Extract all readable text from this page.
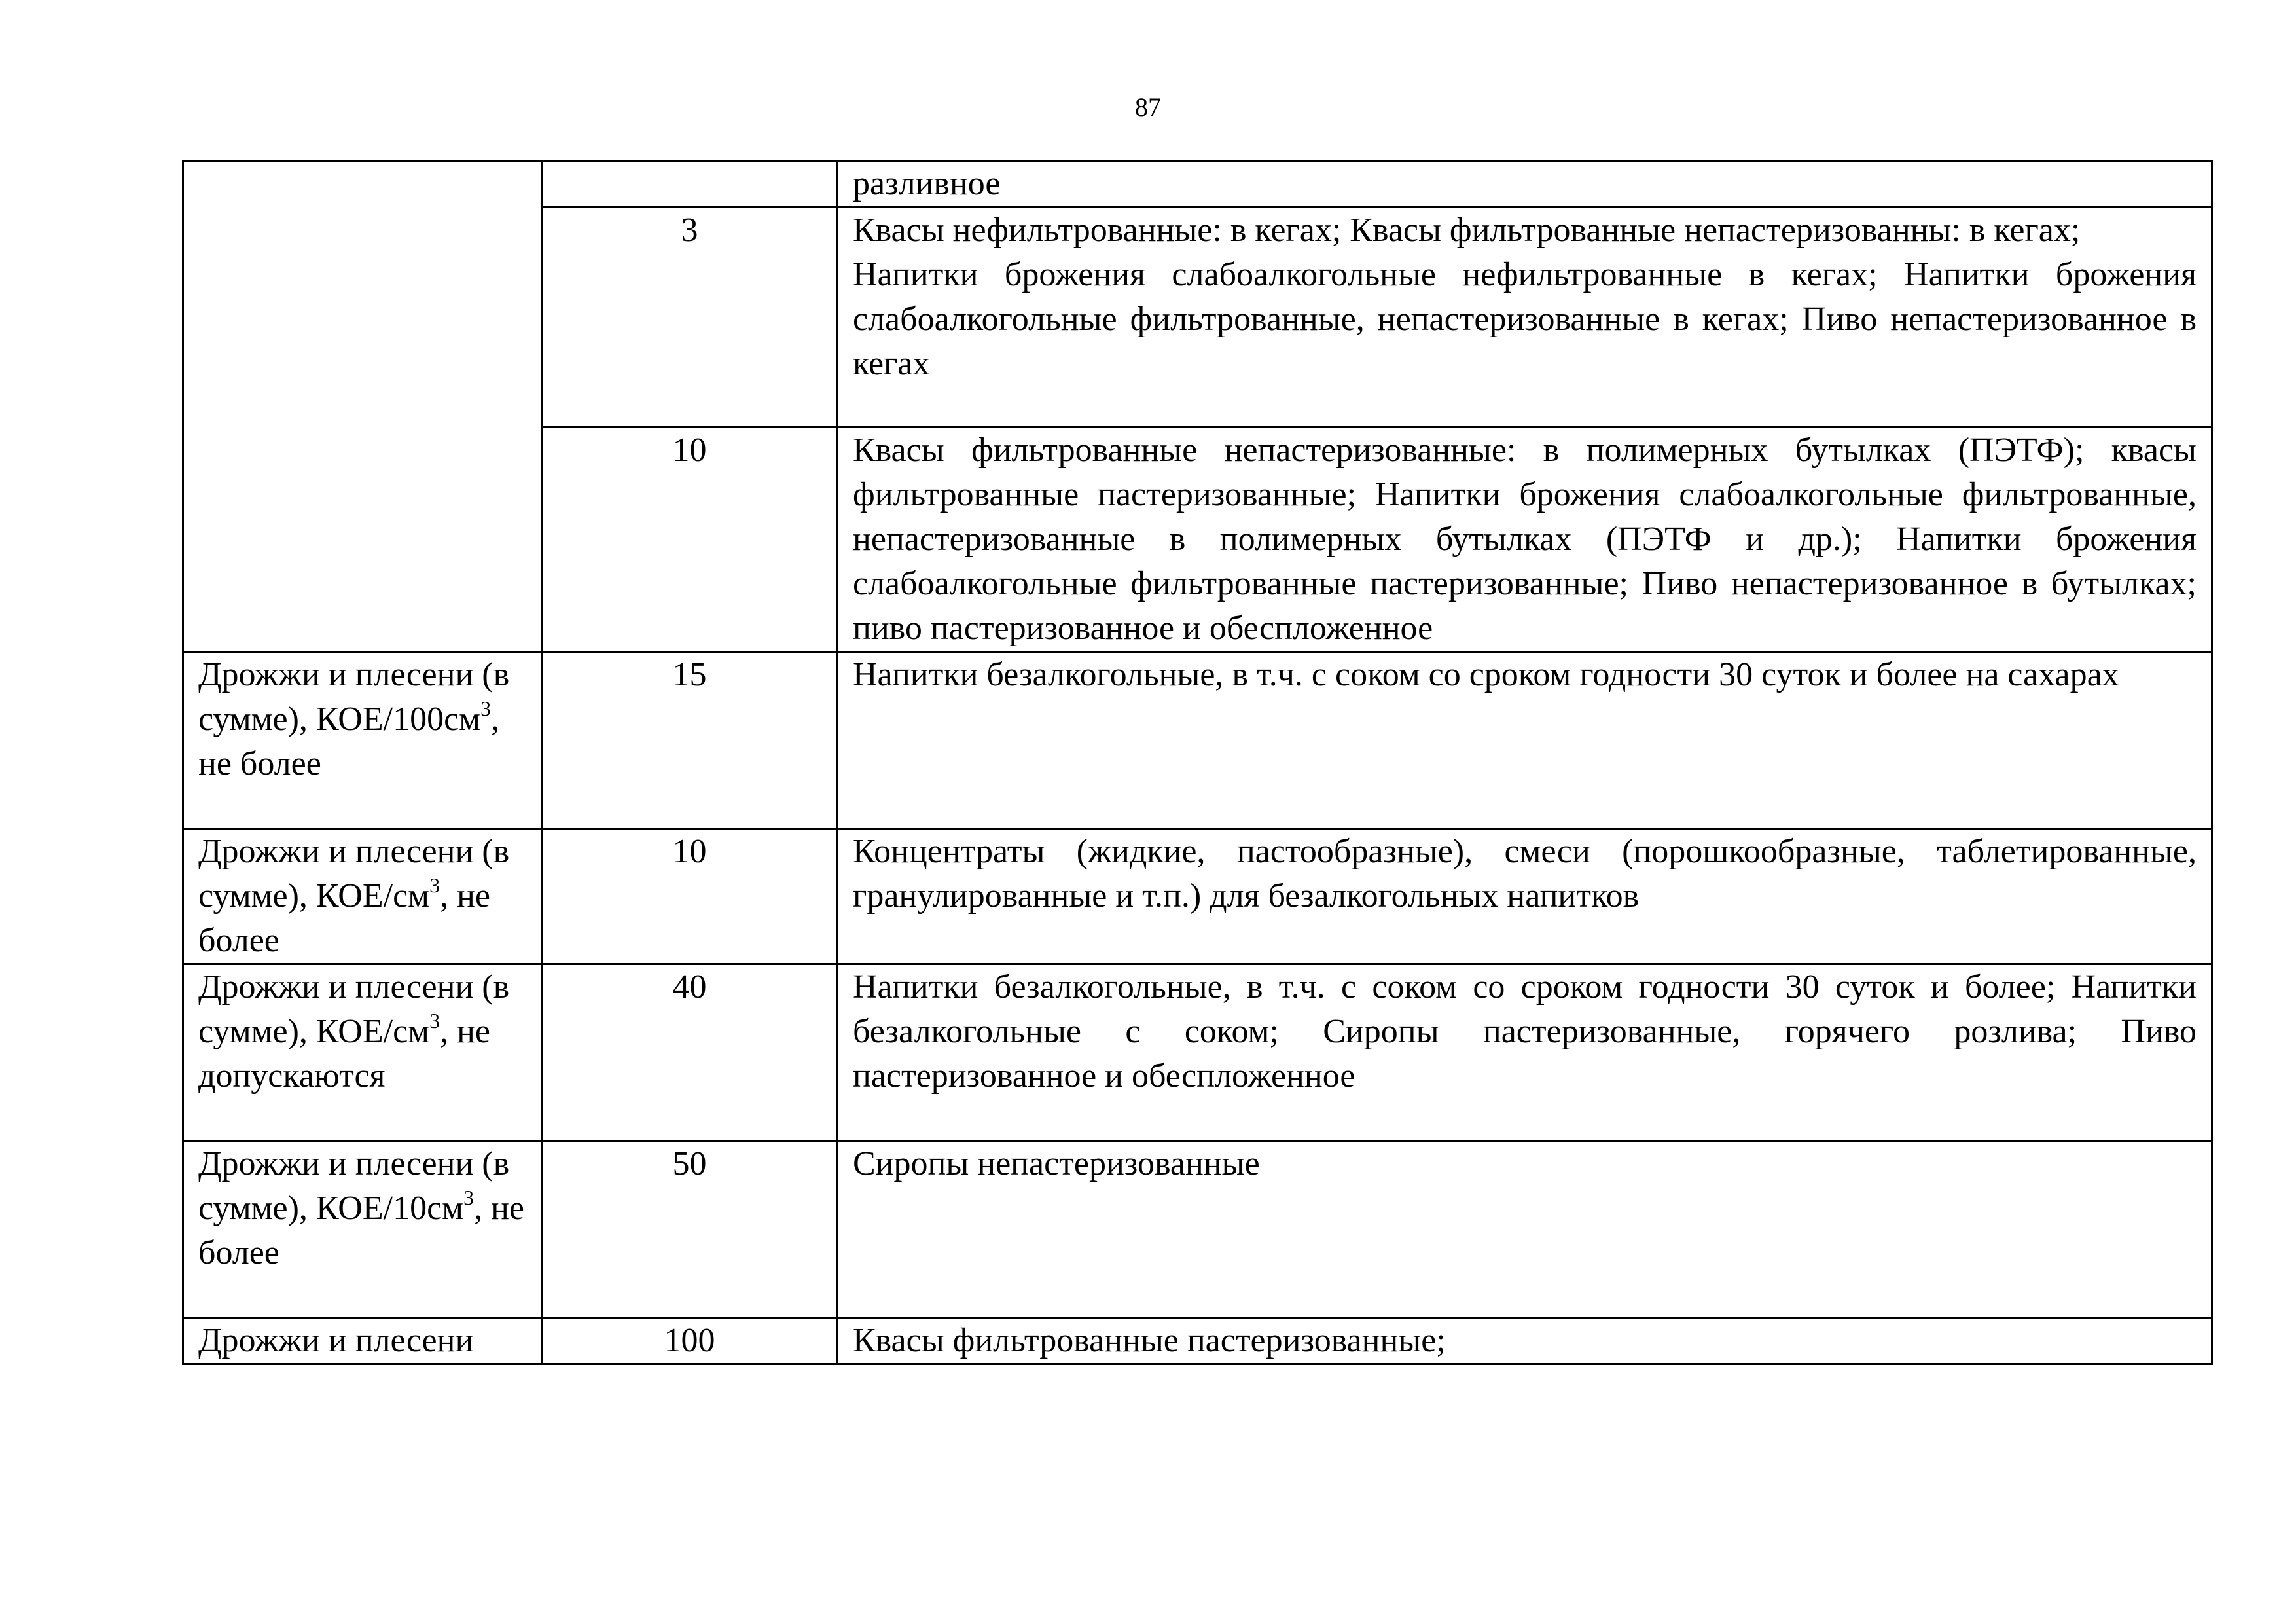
87

		разливное

	3	Квасы нефильтрованные: в кегах; Квасы фильтрованные непастеризованны: в кегах;
Напитки брожения слабоалкогольные нефильтрованные в кегах; Напитки брожения слабоалкогольные фильтрованные, непастеризованные в кегах; Пиво непастеризованное в кегах

	10	Квасы фильтрованные непастеризованные: в полимерных бутылках (ПЭТФ); квасы фильтрованные пастеризованные; Напитки брожения слабоалкогольные фильтрованные, непастеризованные в полимерных бутылках (ПЭТФ и др.); Напитки брожения слабоалкогольные фильтрованные пастеризованные; Пиво непастеризованное в бутылках; пиво пастеризованное и обеспложенное

Дрожжи и плесени (в сумме), КОЕ/$100см^3$, не более	15	Напитки безалкогольные, в т.ч. с соком со сроком годности 30 суток и более на сахарах

Дрожжи и плесени (в сумме), КОЕ/$см^3$, не более	10	Концентраты (жидкие, пастообразные), смеси (порошкообразные, таблетированные, гранулированные и т.п.) для безалкогольных напитков

Дрожжи и плесени (в сумме), КОЕ/$см^3$, не допускаются	40	Напитки безалкогольные, в т.ч. с соком со сроком годности 30 суток и более; Напитки безалкогольные с соком; Сиропы пастеризованные, горячего розлива; Пиво пастеризованное и обеспложенное

Дрожжи и плесени (в сумме), КОЕ/$10см^3$, не более	50	Сиропы непастеризованные

Дрожжи и плесени	100	Квасы фильтрованные пастеризованные;
